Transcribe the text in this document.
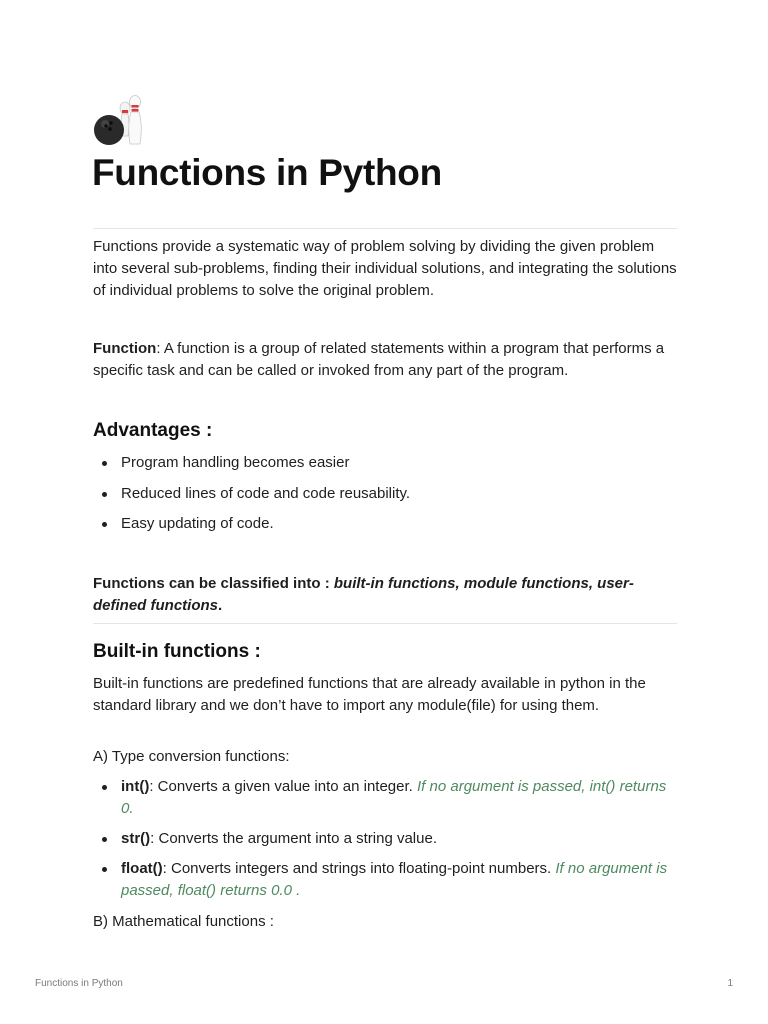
Functions in Python

Functions provide a systematic way of problem solving by dividing the given problem into several sub-problems, finding their individual solutions, and integrating the solutions of individual problems to solve the original problem.

Function: A function is a group of related statements within a program that performs a specific task and can be called or invoked from any part of the program.

Advantages :
Program handling becomes easier
Reduced lines of code and code reusability.
Easy updating of code.

Functions can be classified into : built-in functions, module functions, user-defined functions.

Built-in functions :

Built-in functions are predefined functions that are already available in python in the standard library and we don’t have to import any module(file) for using them.

A) Type conversion functions:

int(): Converts a given value into an integer. If no argument is passed, int() returns 0.
str(): Converts the argument into a string value.
float(): Converts integers and strings into floating-point numbers. If no argument is passed, float() returns 0.0 .

B) Mathematical functions :

Functions in Python	1
